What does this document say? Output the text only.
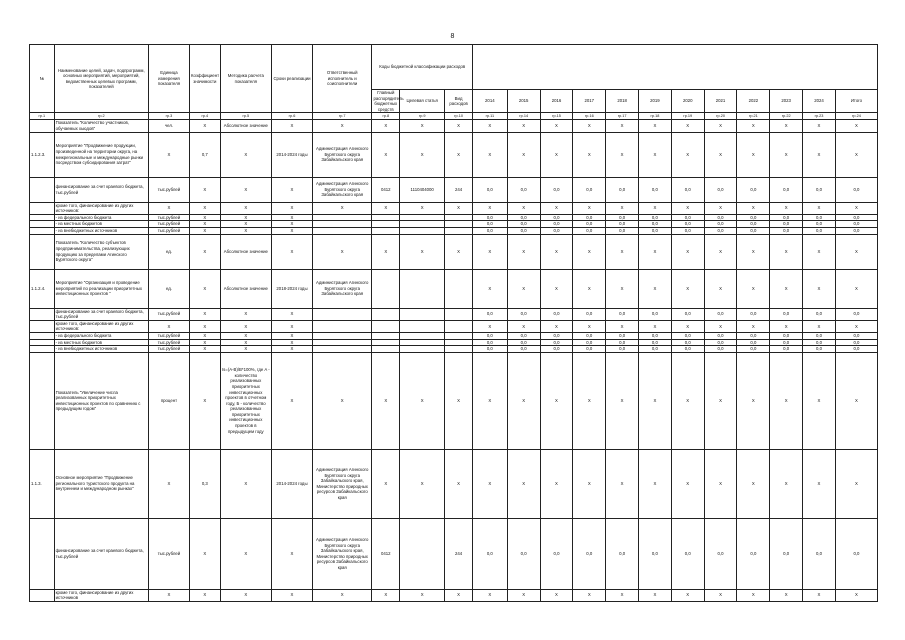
8
№	Наименование целей, задач, подпрограмм, основных мероприятий, мероприятий, ведомственных целевых программ, показателей	Единица измерения показателя	Коэффициент значимости	Методика расчета показателя	Сроки реализации	Ответственный исполнитель и соисполнители	Коды бюджетной классификации расходов														
							Главный распорядитель бюджетных средств	Целевая статья	Вид расходов	2014	2015	2016	2017	2018	2019	2020	2021	2022	2023	2024	Итого
гр.1	гр.2	гр.3	гр.4	гр.5	гр.6	гр.7	гр.8	гр.9	гр.10	гр.11	гр.14	гр.15	гр.16	гр.17	гр.18	гр.19	гр.20	гр.21	гр.22	гр.23	гр.24
	Показатель "Количество участников, обучаемых хьюдов"	чел.	Х	Абсолютное значение	Х	Х	Х	Х	Х	Х	Х	Х	Х	Х	Х	Х	Х	Х	Х	Х	Х
1.1.2.3.	Мероприятие "Продвижение продукции, произведенной на территории округа, на межрегиональные и международные рынки посредством субсидирования затрат"	Х	0,7	Х	2014-2024 годы	Администрация Агинского Бурятского округа Забайкальского края	Х	Х	Х	Х	Х	Х	Х	Х	Х	Х	Х	Х	Х	Х	Х
	финансирование за счет краевого бюджета, тыс.рублей	тыс.рублей	Х	Х	Х	Администрация Агинского Бурятского округа Забайкальского края	0412	1110404000	244	0,0	0,0	0,0	0,0	0,0	0,0	0,0	0,0	0,0	0,0	0,0	0,0
	кроме того, финансирование из других источников:	Х	Х	Х	Х	Х	Х	Х	Х	Х	Х	Х	Х	Х	Х	Х	Х	Х	Х	Х	Х
	- из федерального бюджета	тыс.рублей	Х	Х	Х					0,0	0,0	0,0	0,0	0,0	0,0	0,0	0,0	0,0	0,0	0,0	0,0
	- из местных бюджетов	тыс.рублей	Х	Х	Х					0,0	0,0	0,0	0,0	0,0	0,0	0,0	0,0	0,0	0,0	0,0	0,0
	- из внебюджетных источников	тыс.рублей	Х	Х	Х					0,0	0,0	0,0	0,0	0,0	0,0	0,0	0,0	0,0	0,0	0,0	0,0
	Показатель "Количество субъектов предпринимательства, реализующих продукцию за пределами Агинского Бурятского округа"	ед.	Х	Абсолютное значение	Х	Х	Х	Х	Х	Х	Х	Х	Х	Х	Х	Х	Х	Х	Х	Х	Х
1.1.2.4.	Мероприятие "Организация и проведение мероприятий по реализации приоритетных инвестиционных проектов "	ед.	Х	Абсолютное значение	2018-2024 годы	Администрация Агинского Бурятского округа Забайкальского края				Х	Х	Х	Х	Х	Х	Х	Х	Х	Х	Х	Х
	финансирование за счет краевого бюджета, тыс.рублей	тыс.рублей	Х	Х	Х					0,0	0,0	0,0	0,0	0,0	0,0	0,0	0,0	0,0	0,0	0,0	0,0
	кроме того, финансирование из других источников:	Х	Х	Х	Х					Х	Х	Х	Х	Х	Х	Х	Х	Х	Х	Х	Х
	- из федерального бюджета	тыс.рублей	Х	Х	Х					0,0	0,0	0,0	0,0	0,0	0,0	0,0	0,0	0,0	0,0	0,0	0,0
	- из местных бюджетов	тыс.рублей	Х	Х	Х					0,0	0,0	0,0	0,0	0,0	0,0	0,0	0,0	0,0	0,0	0,0	0,0
	- из внебюджетных источников	тыс.рублей	Х	Х	Х					0,0	0,0	0,0	0,0	0,0	0,0	0,0	0,0	0,0	0,0	0,0	0,0
	Показатель "Увеличение числа реализованных приоритетных инвестиционных проектов по сравнению с предыдущим годом"	процент	Х	Is=(A-B)/B*100%, где A - количество реализованных приоритетных инвестиционных проектов в отчетном году, Б - количество реализованных приоритетных инвестиционных проектов в предыдущем году	Х	Х	Х	Х	Х	Х	Х	Х	Х	Х	Х	Х	Х	Х	Х	Х	Х
1.1.3.	Основное мероприятие "Продвижение регионального туристского продукта на внутреннем и международном рынках"	Х	0,3	Х	2014-2024 годы	Администрация Агинского Бурятского округа Забайкальского края, Министерство природных ресурсов Забайкальского края	Х	Х	Х	Х	Х	Х	Х	Х	Х	Х	Х	Х	Х	Х	Х
	финансирование за счет краевого бюджета, тыс.рублей	тыс.рублей	Х	Х	Х	Администрация Агинского Бурятского округа Забайкальского края, Министерство природных ресурсов Забайкальского края	0412		244	0,0	0,0	0,0	0,0	0,0	0,0	0,0	0,0	0,0	0,0	0,0	0,0
	кроме того, финансирование из других источников	Х	Х	Х	Х	Х	Х	Х	Х	Х	Х	Х	Х	Х	Х	Х	Х	Х	Х	Х	Х
